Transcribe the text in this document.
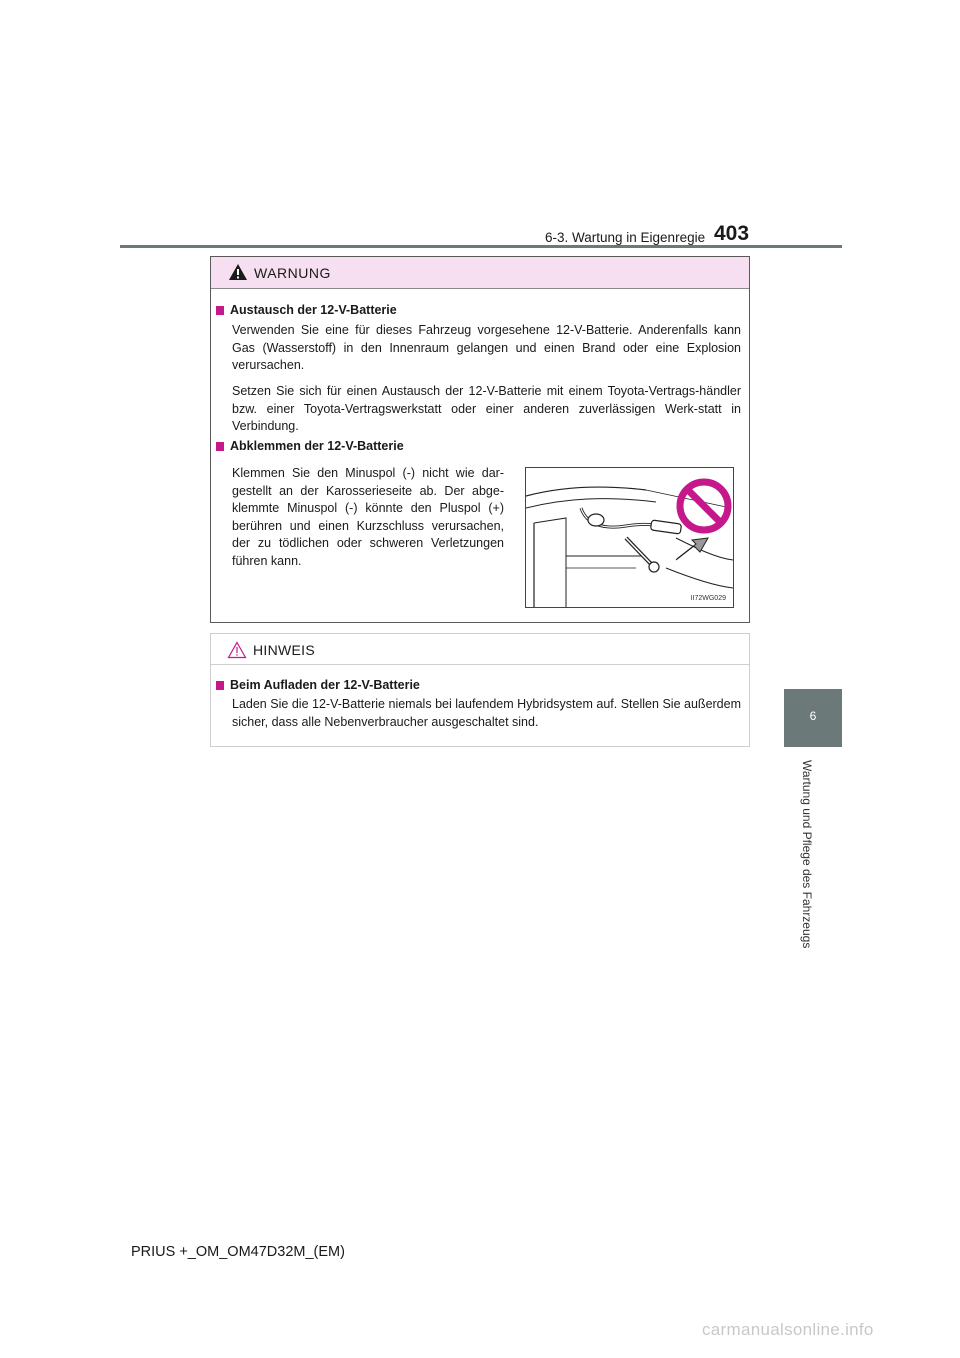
6-3. Wartung in Eigenregie 403
6
Wartung und Pflege des Fahrzeugs
WARNUNG
Austausch der 12-V-Batterie
Verwenden Sie eine für dieses Fahrzeug vorgesehene 12-V-Batterie. Anderenfalls kann Gas (Wasserstoff) in den Innenraum gelangen und einen Brand oder eine Explosion verursachen.
Setzen Sie sich für einen Austausch der 12-V-Batterie mit einem Toyota-Vertrags-händler bzw. einer Toyota-Vertragswerkstatt oder einer anderen zuverlässigen Werk-statt in Verbindung.
Abklemmen der 12-V-Batterie
Klemmen Sie den Minuspol (-) nicht wie dar-gestellt an der Karosserieseite ab. Der abge-klemmte Minuspol (-) könnte den Pluspol (+) berühren und einen Kurzschluss verursachen, der zu tödlichen oder schweren Verletzungen führen kann.
II72WG029
HINWEIS
Beim Aufladen der 12-V-Batterie
Laden Sie die 12-V-Batterie niemals bei laufendem Hybridsystem auf. Stellen Sie außerdem sicher, dass alle Nebenverbraucher ausgeschaltet sind.
PRIUS +_OM_OM47D32M_(EM)
carmanualsonline.info
